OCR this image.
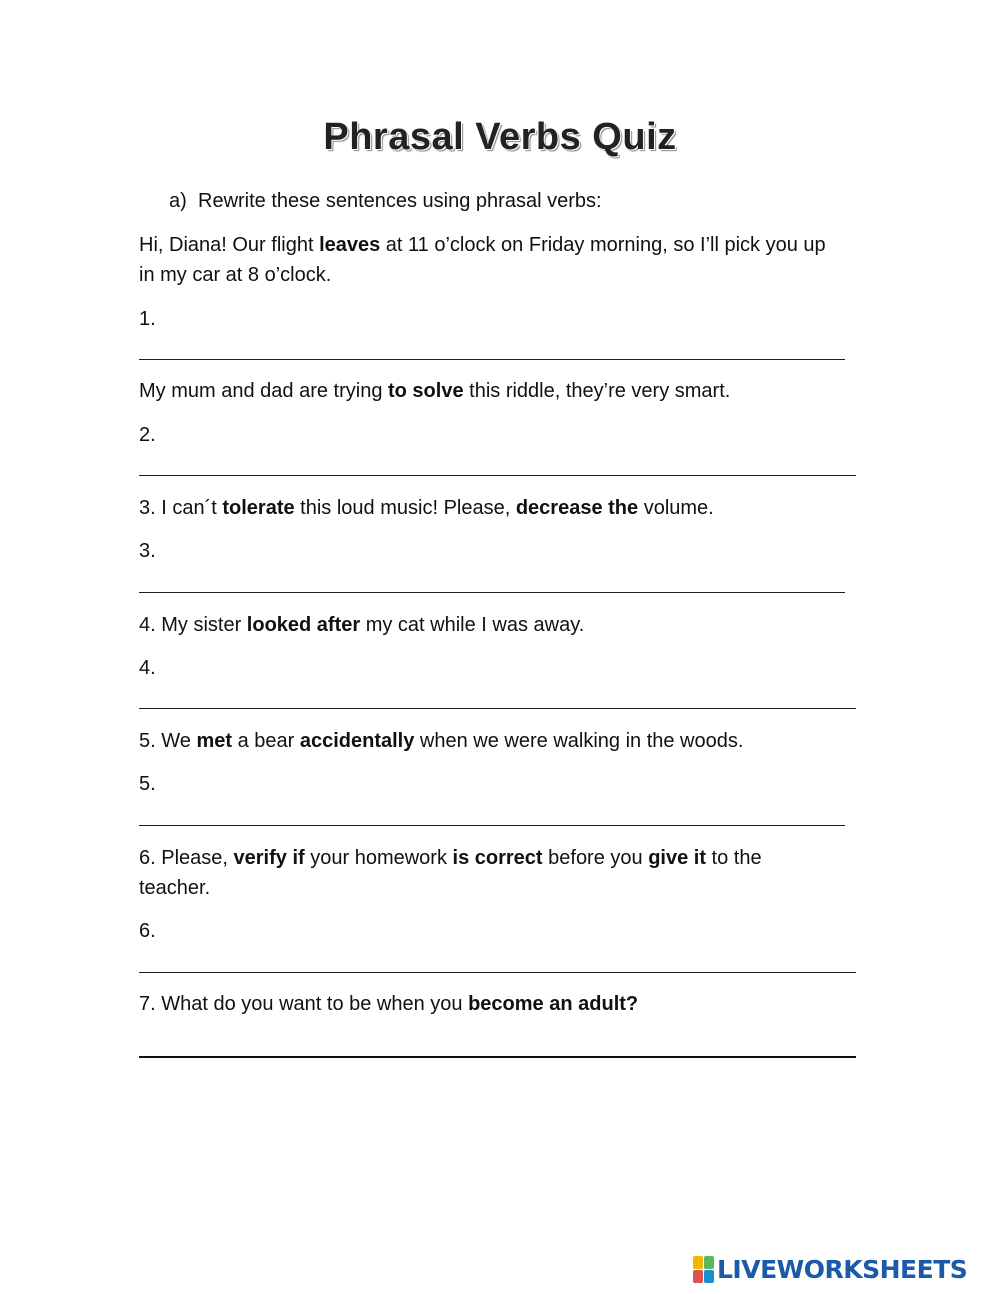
Phrasal Verbs Quiz
a) Rewrite these sentences using phrasal verbs:
Hi, Diana! Our flight leaves at 11 o’clock on Friday morning, so I’ll pick you up
in my car at 8 o’clock.
1.
My mum and dad are trying to solve this riddle, they’re very smart.
2.
3. I can´t tolerate this loud music! Please, decrease the volume.
3.
4. My sister looked after my cat while I was away.
4.
5. We met a bear accidentally when we were walking in the woods.
5.
6. Please, verify if your homework is correct before you give it to the
teacher.
6.
7. What do you want to be when you become an adult?
LIVEWORKSHEETS
